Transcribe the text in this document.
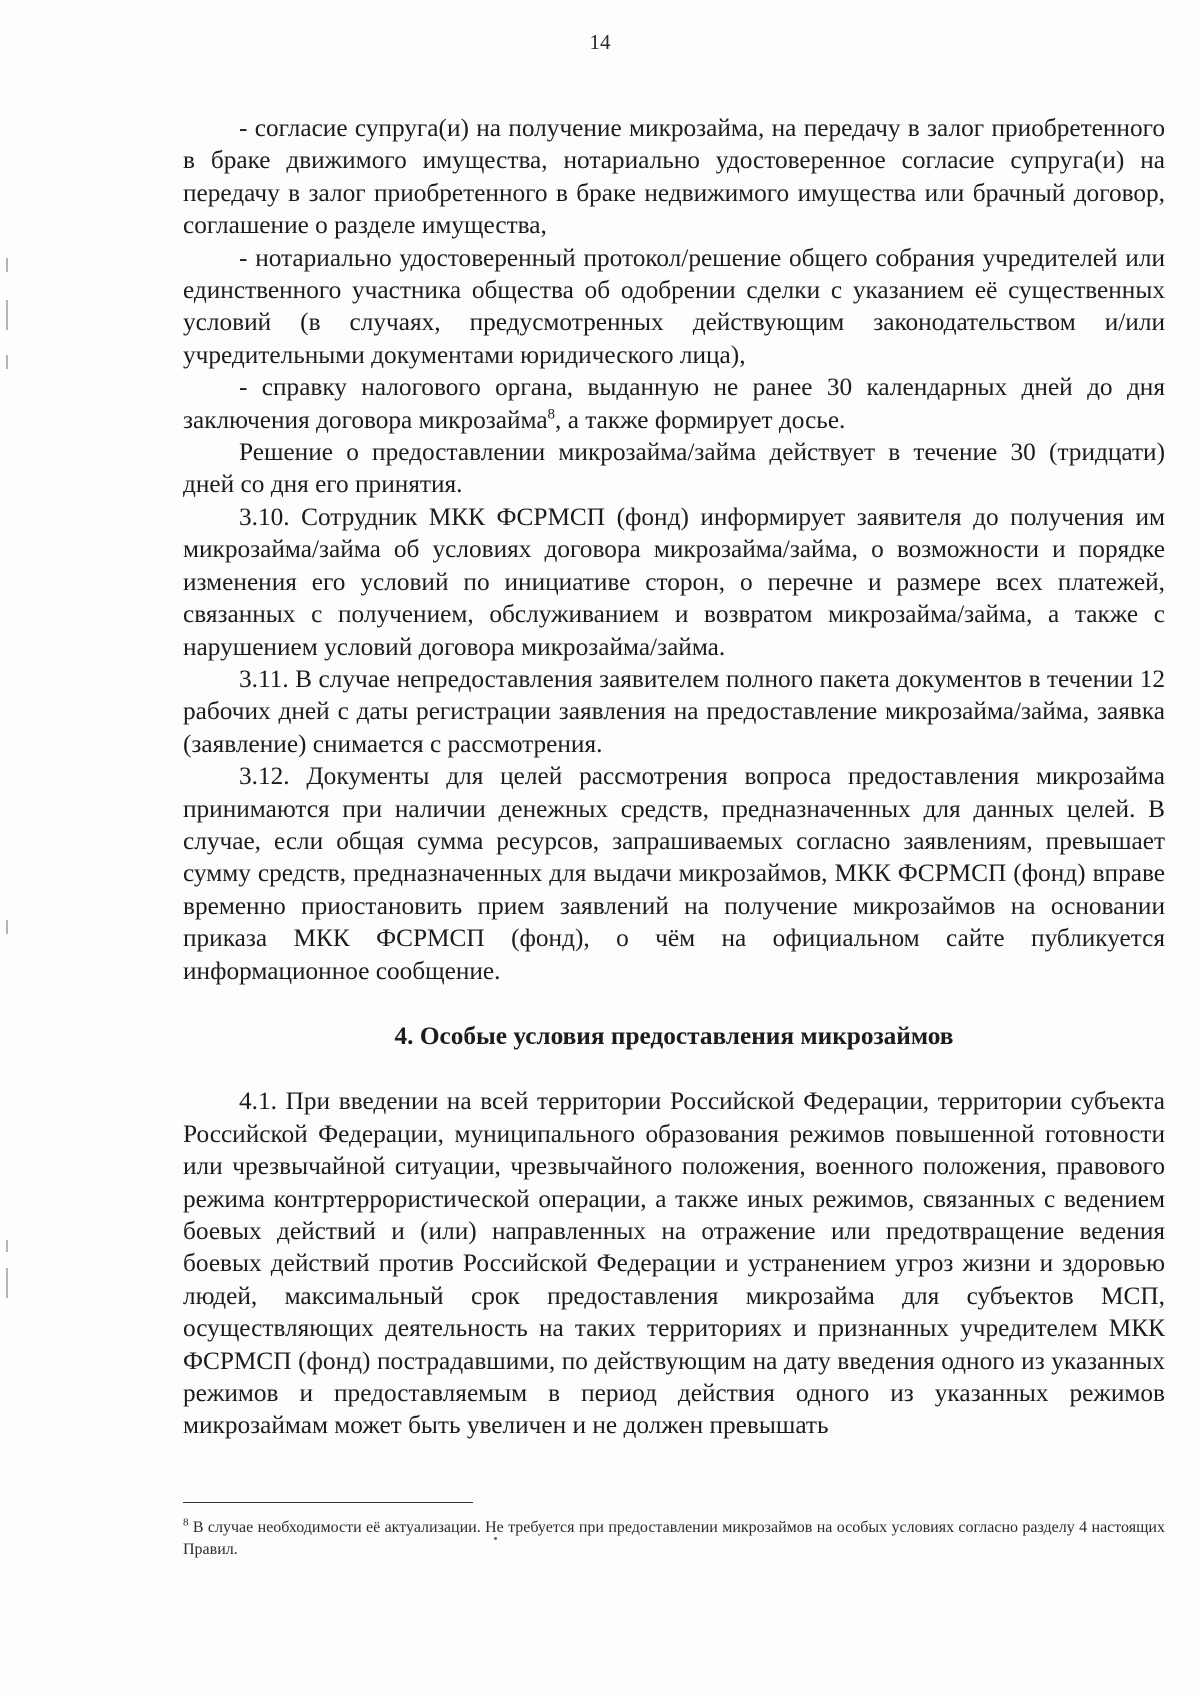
14

- согласие супруга(и) на получение микрозайма, на передачу в залог приобретенного в браке движимого имущества, нотариально удостоверенное согласие супруга(и) на передачу в залог приобретенного в браке недвижимого имущества или брачный договор, соглашение о разделе имущества,

- нотариально удостоверенный протокол/решение общего собрания учредителей или единственного участника общества об одобрении сделки с указанием её существенных условий (в случаях, предусмотренных действующим законодательством и/или учредительными документами юридического лица),

- справку налогового органа, выданную не ранее 30 календарных дней до дня заключения договора микрозайма$^8$, а также формирует досье.

Решение о предоставлении микрозайма/займа действует в течение 30 (тридцати) дней со дня его принятия.

3.10. Сотрудник МКК ФСРМСП (фонд) информирует заявителя до получения им микрозайма/займа об условиях договора микрозайма/займа, о возможности и порядке изменения его условий по инициативе сторон, о перечне и размере всех платежей, связанных с получением, обслуживанием и возвратом микрозайма/займа, а также с нарушением условий договора микрозайма/займа.

3.11. В случае непредоставления заявителем полного пакета документов в течении 12 рабочих дней с даты регистрации заявления на предоставление микрозайма/займа, заявка (заявление) снимается с рассмотрения.

3.12. Документы для целей рассмотрения вопроса предоставления микрозайма принимаются при наличии денежных средств, предназначенных для данных целей. В случае, если общая сумма ресурсов, запрашиваемых согласно заявлениям, превышает сумму средств, предназначенных для выдачи микрозаймов, МКК ФСРМСП (фонд) вправе временно приостановить прием заявлений на получение микрозаймов на основании приказа МКК ФСРМСП (фонд), о чём на официальном сайте публикуется информационное сообщение.

4. Особые условия предоставления микрозаймов

4.1. При введении на всей территории Российской Федерации, территории субъекта Российской Федерации, муниципального образования режимов повышенной готовности или чрезвычайной ситуации, чрезвычайного положения, военного положения, правового режима контртеррористической операции, а также иных режимов, связанных с ведением боевых действий и (или) направленных на отражение или предотвращение ведения боевых действий против Российской Федерации и устранением угроз жизни и здоровью людей, максимальный срок предоставления микрозайма для субъектов МСП, осуществляющих деятельность на таких территориях и признанных учредителем МКК ФСРМСП (фонд) пострадавшими, по действующим на дату введения одного из указанных режимов и предоставляемым в период действия одного из указанных режимов микрозаймам может быть увеличен и не должен превышать

$^8$ В случае необходимости её актуализации. Не требуется при предоставлении микрозаймов на особых условиях согласно разделу 4 настоящих Правил.
